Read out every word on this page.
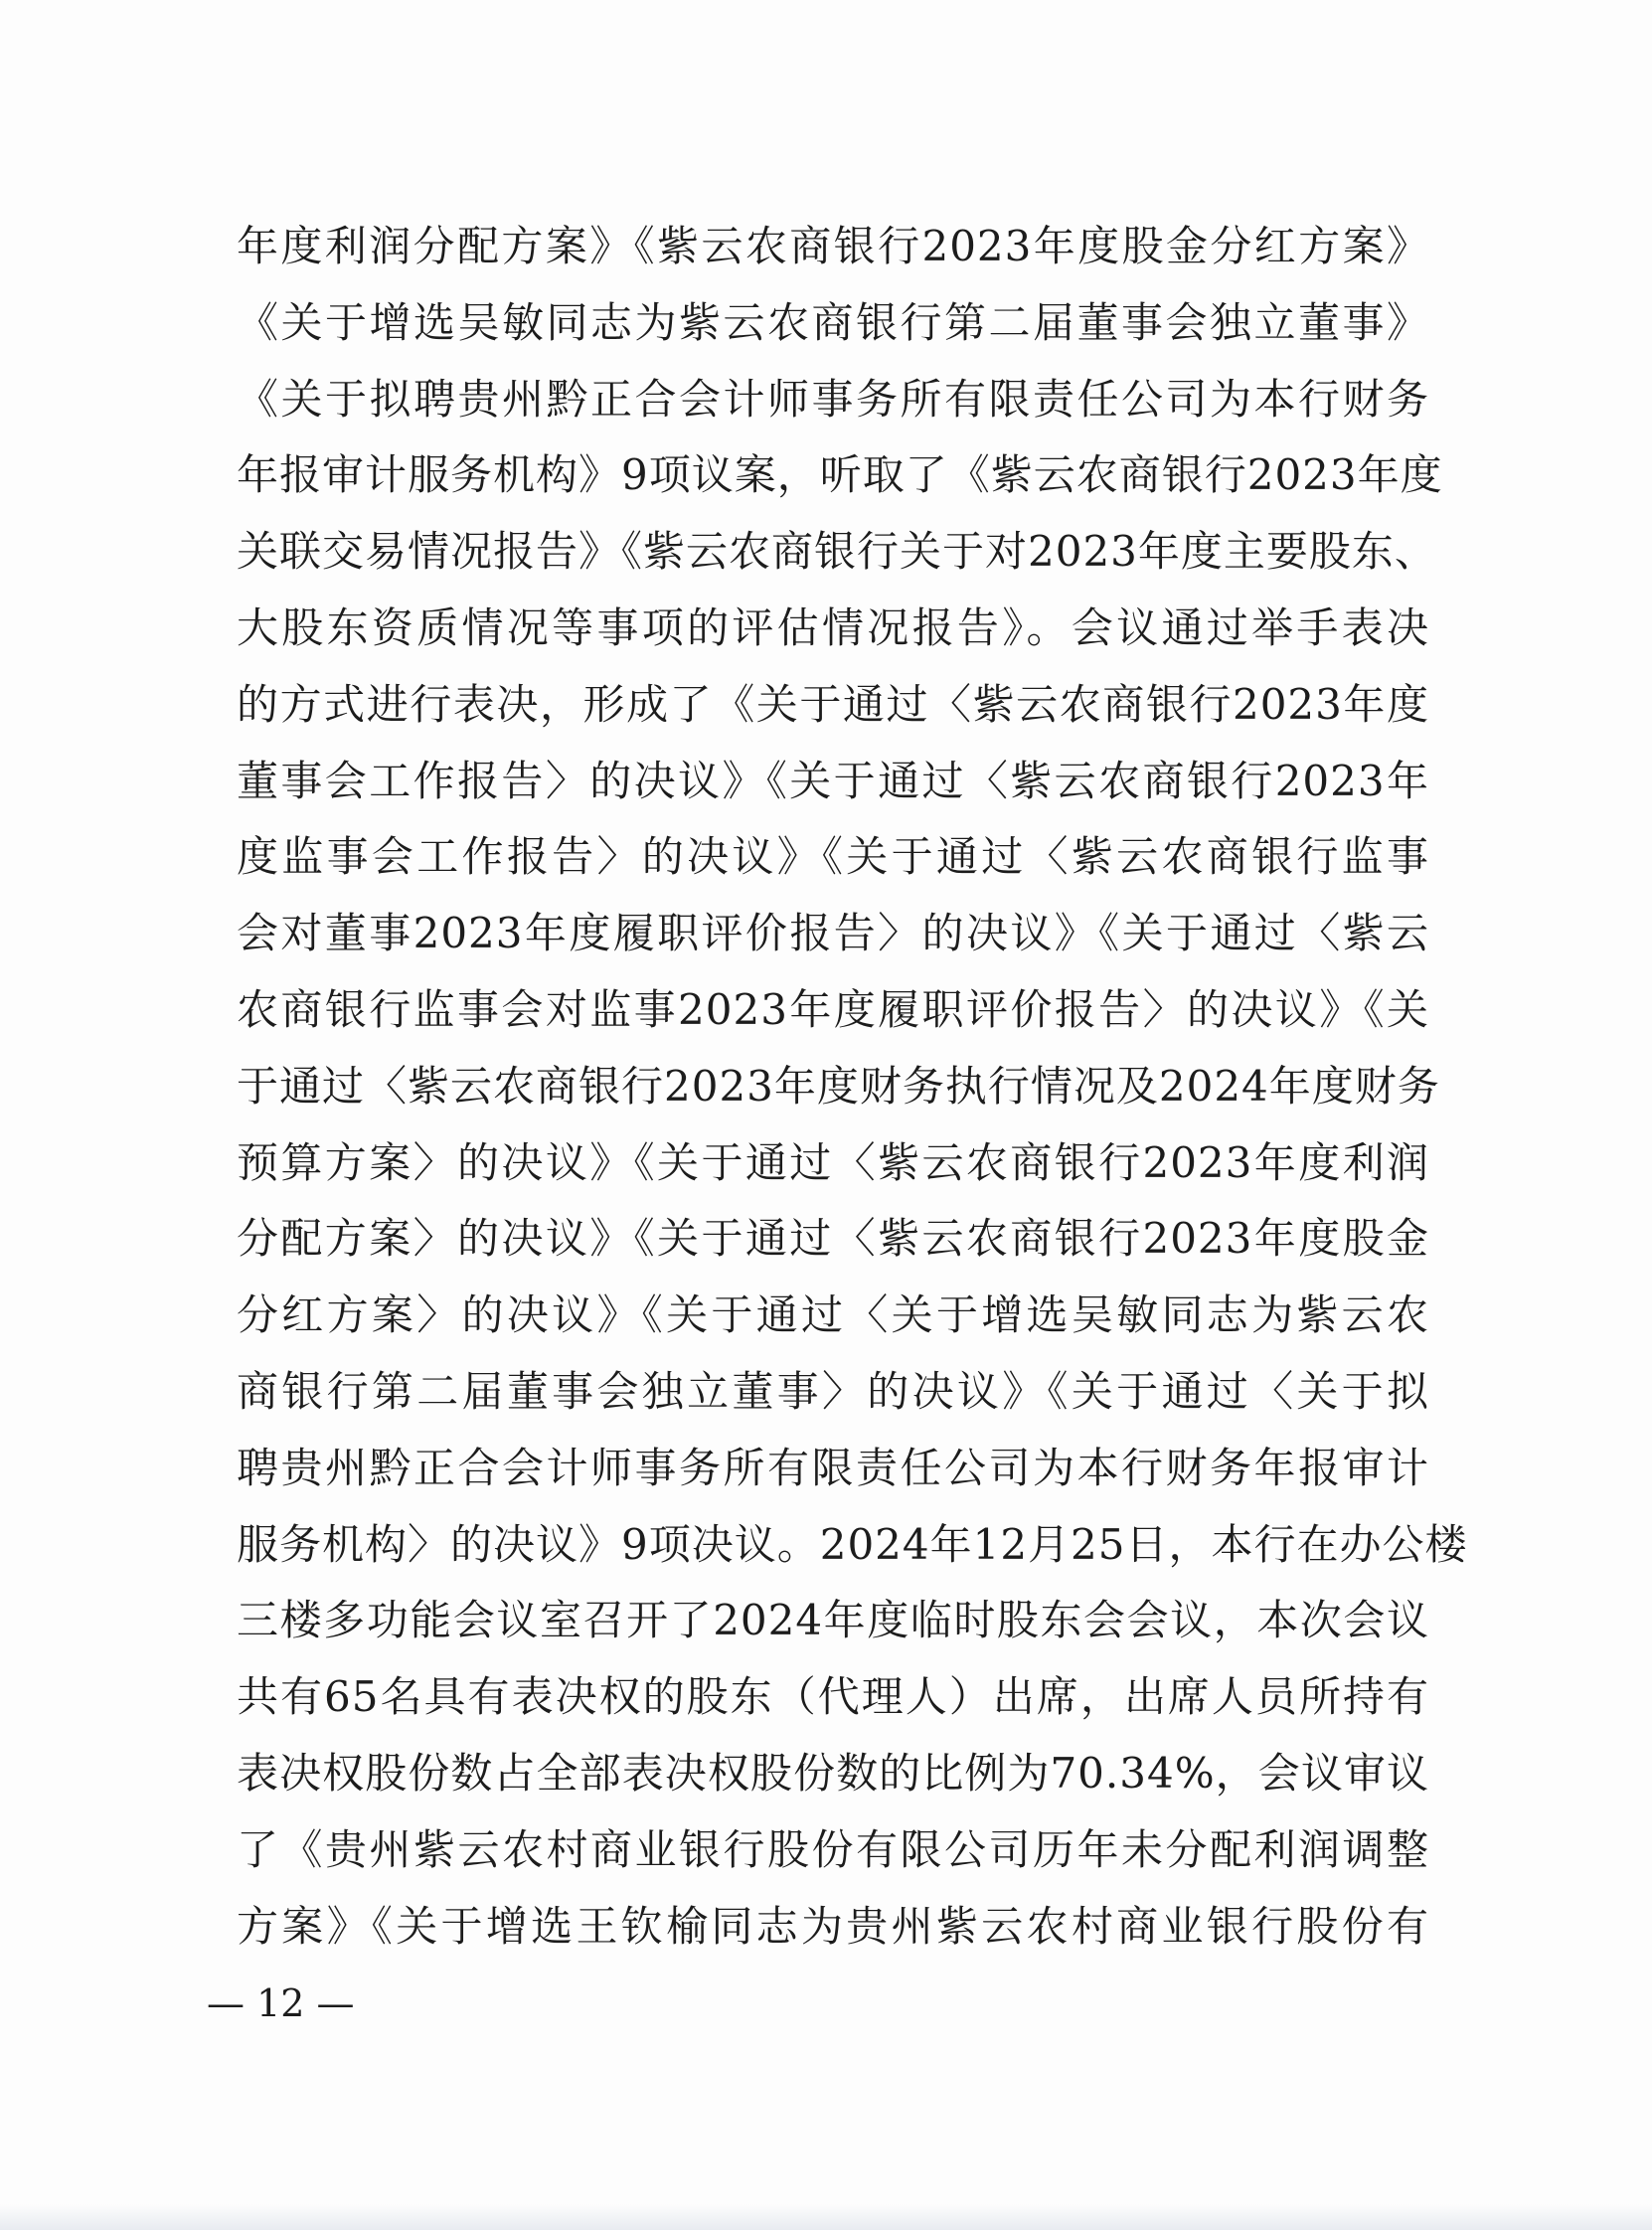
年度利润分配方案》《紫云农商银行2023年度股金分红方案》
《关于增选吴敏同志为紫云农商银行第二届董事会独立董事》
《关于拟聘贵州黔正合会计师事务所有限责任公司为本行财务
年报审计服务机构》9项议案，听取了《紫云农商银行2023年度
关联交易情况报告》《紫云农商银行关于对2023年度主要股东、
大股东资质情况等事项的评估情况报告》。会议通过举手表决
的方式进行表决，形成了《关于通过〈紫云农商银行2023年度
董事会工作报告〉的决议》《关于通过〈紫云农商银行2023年
度监事会工作报告〉的决议》《关于通过〈紫云农商银行监事
会对董事2023年度履职评价报告〉的决议》《关于通过〈紫云
农商银行监事会对监事2023年度履职评价报告〉的决议》《关
于通过〈紫云农商银行2023年度财务执行情况及2024年度财务
预算方案〉的决议》《关于通过〈紫云农商银行2023年度利润
分配方案〉的决议》《关于通过〈紫云农商银行2023年度股金
分红方案〉的决议》《关于通过〈关于增选吴敏同志为紫云农
商银行第二届董事会独立董事〉的决议》《关于通过〈关于拟
聘贵州黔正合会计师事务所有限责任公司为本行财务年报审计
服务机构〉的决议》9项决议。2024年12月25日，本行在办公楼
三楼多功能会议室召开了2024年度临时股东会会议，本次会议
共有65名具有表决权的股东（代理人）出席，出席人员所持有
表决权股份数占全部表决权股份数的比例为70.34%，会议审议
了《贵州紫云农村商业银行股份有限公司历年未分配利润调整
方案》《关于增选王钦榆同志为贵州紫云农村商业银行股份有
— 12 —
